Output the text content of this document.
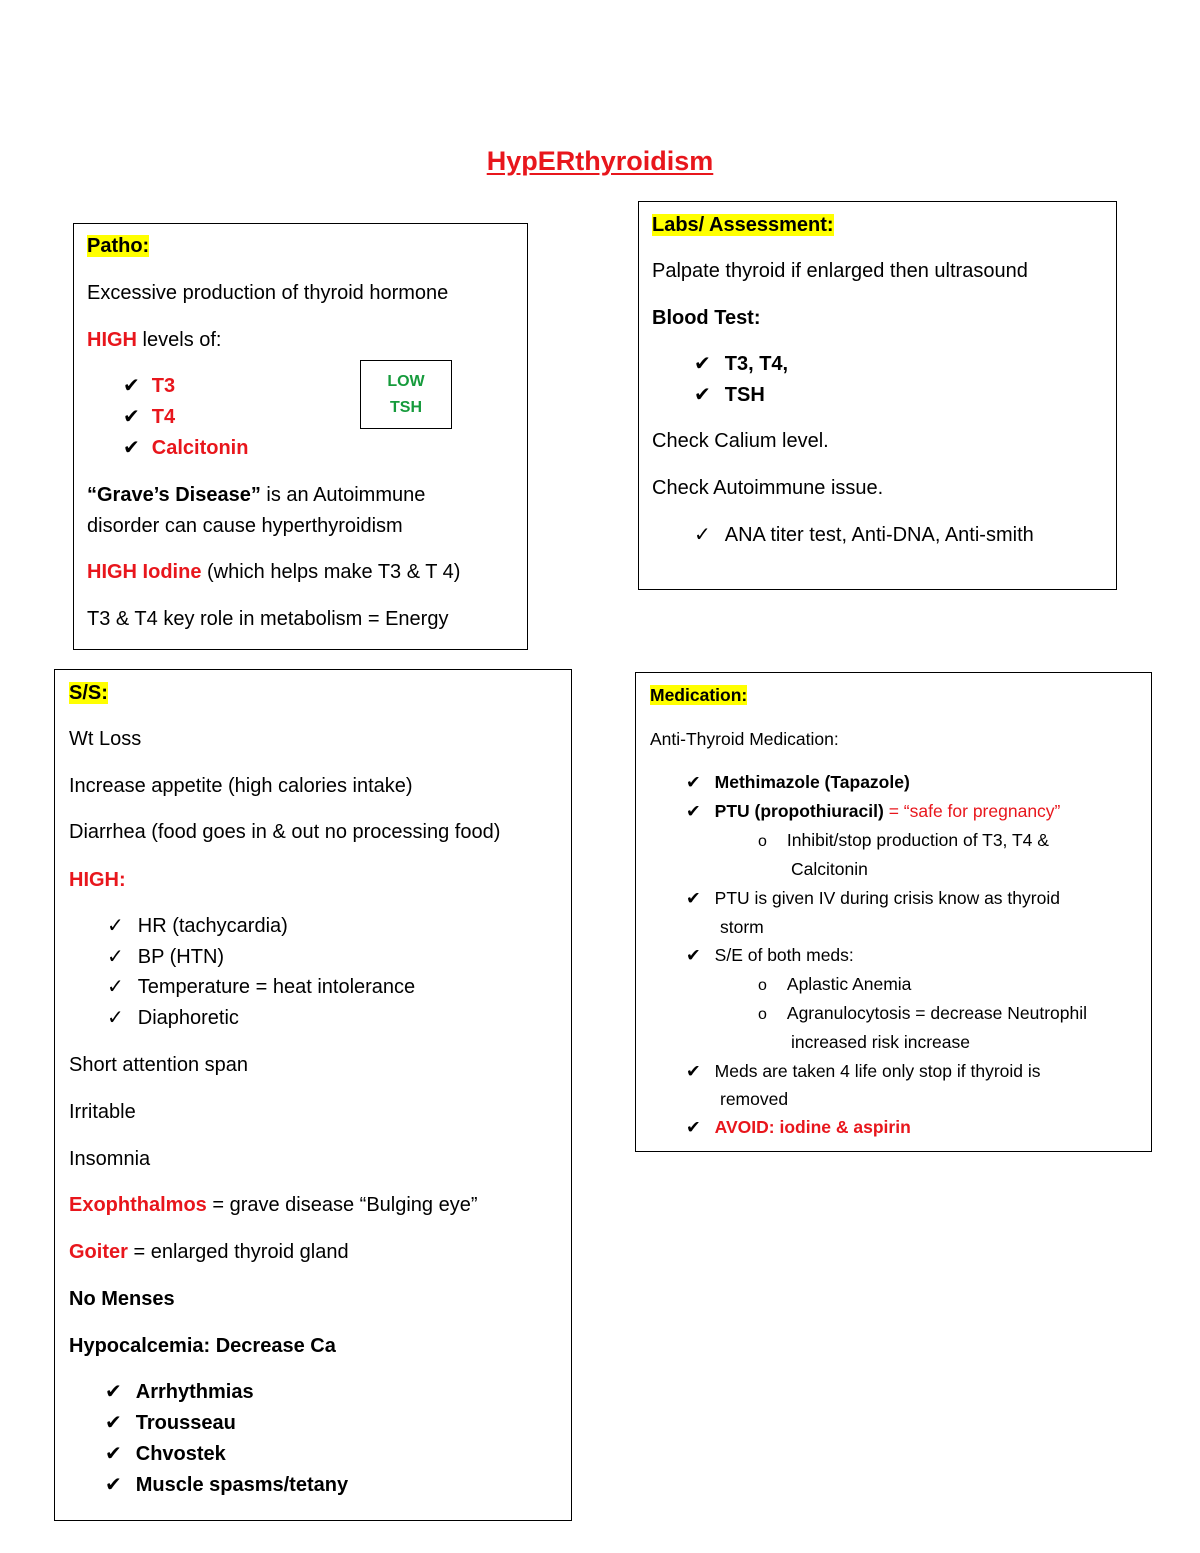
HypERthyroidism
Patho:
Excessive production of thyroid hormone
HIGH levels of:
✔ T3
✔ T4
✔ Calcitonin
“Grave’s Disease” is an Autoimmune
disorder can cause hyperthyroidism
HIGH Iodine (which helps make T3 & T 4)
T3 & T4 key role in metabolism = Energy
LOW
TSH
Labs/ Assessment:
Palpate thyroid if enlarged then ultrasound
Blood Test:
✔ T3, T4,
✔ TSH
Check Calium level.
Check Autoimmune issue.
✓ ANA titer test, Anti-DNA, Anti-smith
S/S:
Wt Loss
Increase appetite (high calories intake)
Diarrhea (food goes in & out no processing food)
HIGH:
✓ HR (tachycardia)
✓ BP (HTN)
✓ Temperature = heat intolerance
✓ Diaphoretic
Short attention span
Irritable
Insomnia
Exophthalmos = grave disease “Bulging eye”
Goiter = enlarged thyroid gland
No Menses
Hypocalcemia: Decrease Ca
✔ Arrhythmias
✔ Trousseau
✔ Chvostek
✔ Muscle spasms/tetany
Medication:
Anti-Thyroid Medication:
✔ Methimazole (Tapazole)
✔ PTU (propothiuracil) = “safe for pregnancy”
o Inhibit/stop production of T3, T4 &
Calcitonin
✔ PTU is given IV during crisis know as thyroid
storm
✔ S/E of both meds:
o Aplastic Anemia
o Agranulocytosis = decrease Neutrophil
increased risk increase
✔ Meds are taken 4 life only stop if thyroid is
removed
✔ AVOID: iodine & aspirin
